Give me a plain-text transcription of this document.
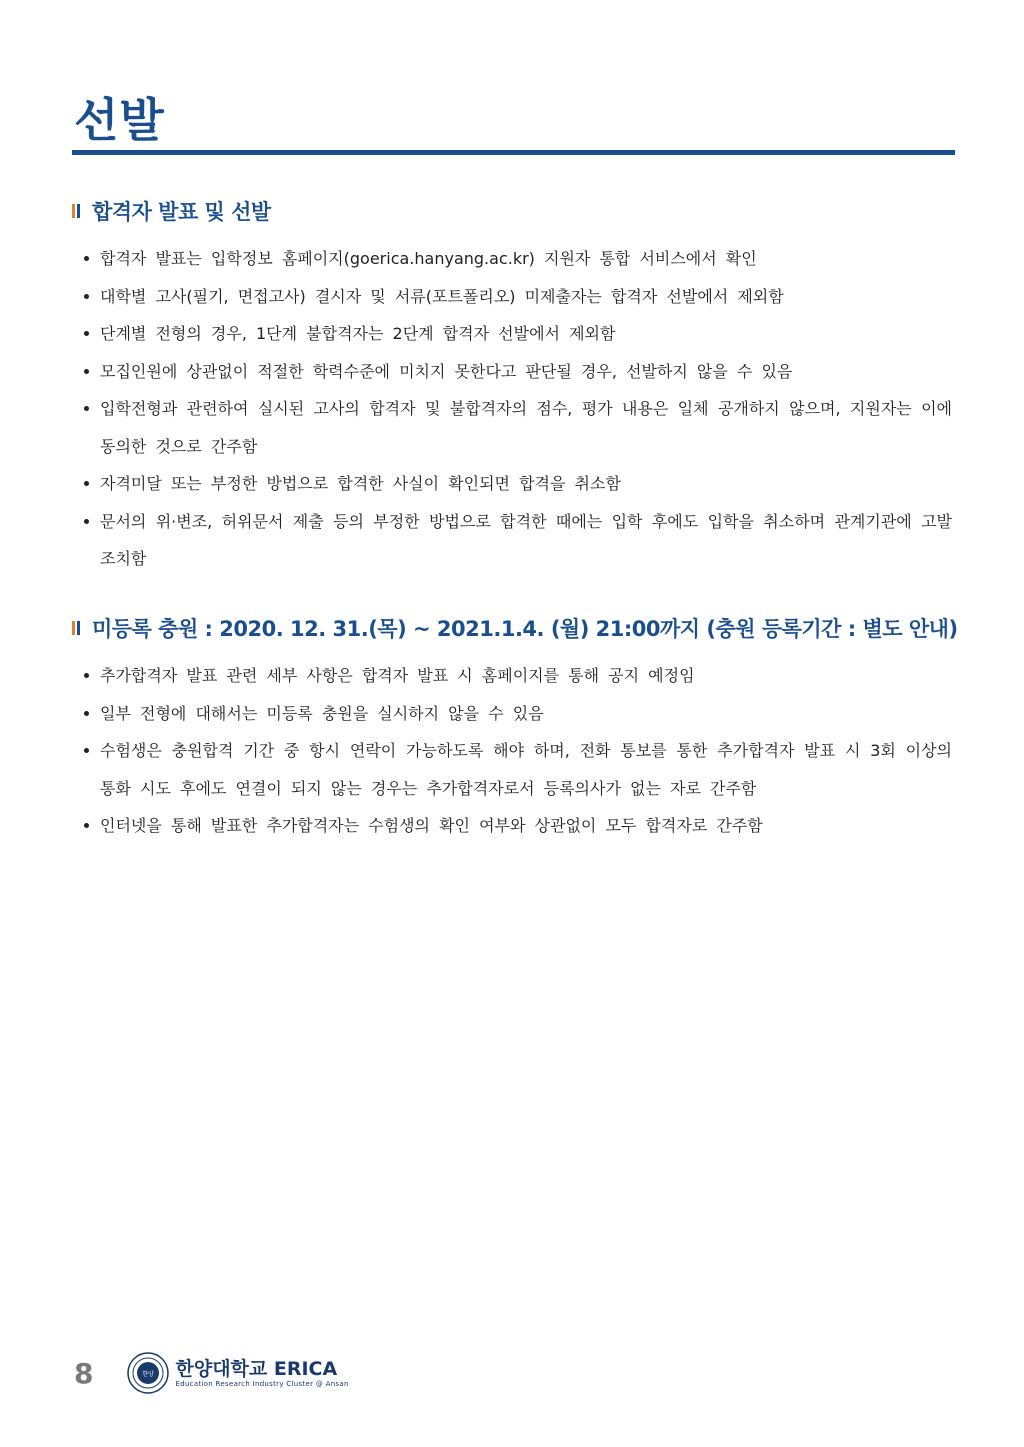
선발
합격자 발표 및 선발
합격자 발표는 입학정보 홈페이지(goerica.hanyang.ac.kr) 지원자 통합 서비스에서 확인
대학별 고사(필기, 면접고사) 결시자 및 서류(포트폴리오) 미제출자는 합격자 선발에서 제외함
단계별 전형의 경우, 1단계 불합격자는 2단계 합격자 선발에서 제외함
모집인원에 상관없이 적절한 학력수준에 미치지 못한다고 판단될 경우, 선발하지 않을 수 있음
입학전형과 관련하여 실시된 고사의 합격자 및 불합격자의 점수, 평가 내용은 일체 공개하지 않으며, 지원자는 이에 동의한 것으로 간주함
자격미달 또는 부정한 방법으로 합격한 사실이 확인되면 합격을 취소함
문서의 위·변조, 허위문서 제출 등의 부정한 방법으로 합격한 때에는 입학 후에도 입학을 취소하며 관계기관에 고발 조치함
미등록 충원 : 2020. 12. 31.(목) ~ 2021.1.4. (월) 21:00까지 (충원 등록기간 : 별도 안내)
추가합격자 발표 관련 세부 사항은 합격자 발표 시 홈페이지를 통해 공지 예정임
일부 전형에 대해서는 미등록 충원을 실시하지 않을 수 있음
수험생은 충원합격 기간 중 항시 연락이 가능하도록 해야 하며, 전화 통보를 통한 추가합격자 발표 시 3회 이상의 통화 시도 후에도 연결이 되지 않는 경우는 추가합격자로서 등록의사가 없는 자로 간주함
인터넷을 통해 발표한 추가합격자는 수험생의 확인 여부와 상관없이 모두 합격자로 간주함
8	한양 한양대학교 ERICA
Education Research Industry Cluster @ Ansan
